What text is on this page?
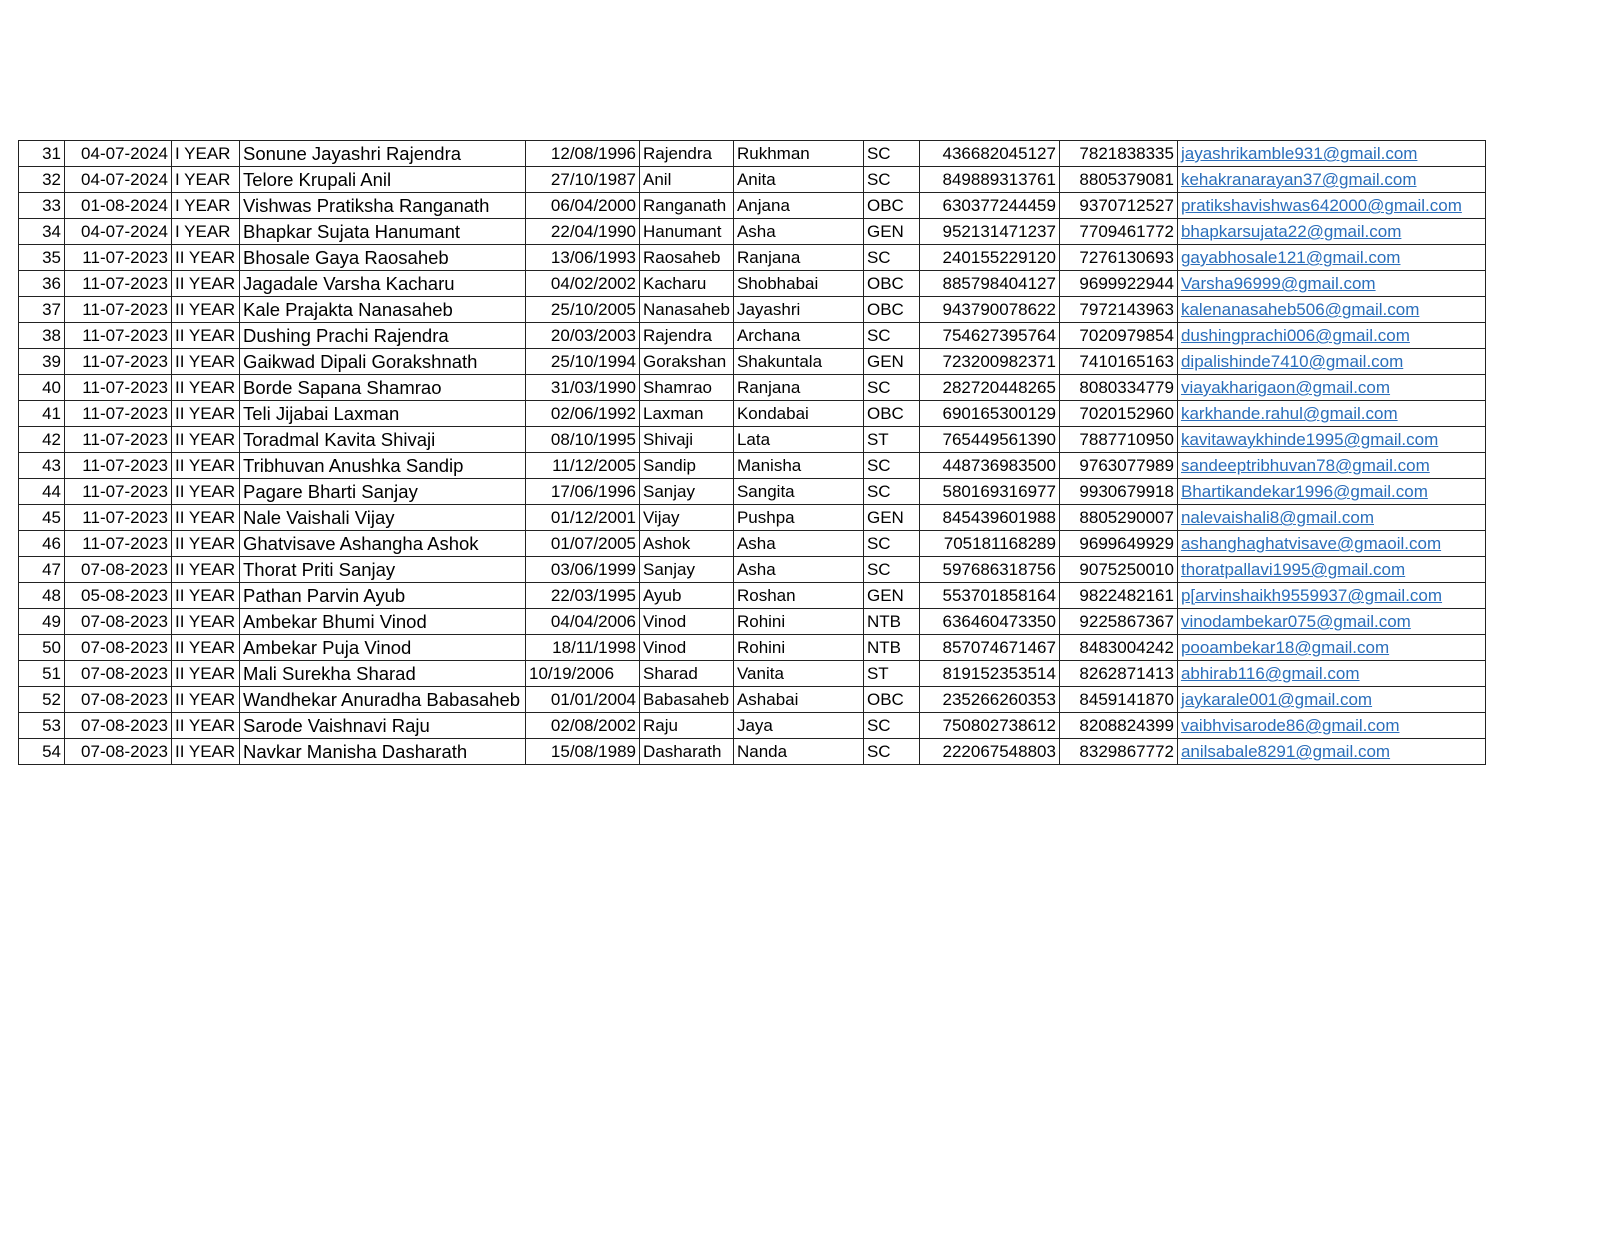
31	04-07-2024	I YEAR	Sonune Jayashri Rajendra	12/08/1996	Rajendra	Rukhman	SC	436682045127	7821838335	jayashrikamble931@gmail.com
32	04-07-2024	I YEAR	Telore Krupali Anil	27/10/1987	Anil	Anita	SC	849889313761	8805379081	kehakranarayan37@gmail.com
33	01-08-2024	I YEAR	Vishwas Pratiksha Ranganath	06/04/2000	Ranganath	Anjana	OBC	630377244459	9370712527	pratikshavishwas642000@gmail.com
34	04-07-2024	I YEAR	Bhapkar Sujata Hanumant	22/04/1990	Hanumant	Asha	GEN	952131471237	7709461772	bhapkarsujata22@gmail.com
35	11-07-2023	II YEAR	Bhosale Gaya Raosaheb	13/06/1993	Raosaheb	Ranjana	SC	240155229120	7276130693	gayabhosale121@gmail.com
36	11-07-2023	II YEAR	Jagadale Varsha Kacharu	04/02/2002	Kacharu	Shobhabai	OBC	885798404127	9699922944	Varsha96999@gmail.com
37	11-07-2023	II YEAR	Kale Prajakta Nanasaheb	25/10/2005	Nanasaheb	Jayashri	OBC	943790078622	7972143963	kalenanasaheb506@gmail.com
38	11-07-2023	II YEAR	Dushing Prachi Rajendra	20/03/2003	Rajendra	Archana	SC	754627395764	7020979854	dushingprachi006@gmail.com
39	11-07-2023	II YEAR	Gaikwad Dipali Gorakshnath	25/10/1994	Gorakshan	Shakuntala	GEN	723200982371	7410165163	dipalishinde7410@gmail.com
40	11-07-2023	II YEAR	Borde Sapana Shamrao	31/03/1990	Shamrao	Ranjana	SC	282720448265	8080334779	viayakharigaon@gmail.com
41	11-07-2023	II YEAR	Teli Jijabai Laxman	02/06/1992	Laxman	Kondabai	OBC	690165300129	7020152960	karkhande.rahul@gmail.com
42	11-07-2023	II YEAR	Toradmal Kavita Shivaji	08/10/1995	Shivaji	Lata	ST	765449561390	7887710950	kavitawaykhinde1995@gmail.com
43	11-07-2023	II YEAR	Tribhuvan Anushka Sandip	11/12/2005	Sandip	Manisha	SC	448736983500	9763077989	sandeeptribhuvan78@gmail.com
44	11-07-2023	II YEAR	Pagare Bharti Sanjay	17/06/1996	Sanjay	Sangita	SC	580169316977	9930679918	Bhartikandekar1996@gmail.com
45	11-07-2023	II YEAR	Nale Vaishali Vijay	01/12/2001	Vijay	Pushpa	GEN	845439601988	8805290007	nalevaishali8@gmail.com
46	11-07-2023	II YEAR	Ghatvisave Ashangha Ashok	01/07/2005	Ashok	Asha	SC	705181168289	9699649929	ashanghaghatvisave@gmaoil.com
47	07-08-2023	II YEAR	Thorat Priti Sanjay	03/06/1999	Sanjay	Asha	SC	597686318756	9075250010	thoratpallavi1995@gmail.com
48	05-08-2023	II YEAR	Pathan Parvin Ayub	22/03/1995	Ayub	Roshan	GEN	553701858164	9822482161	p[arvinshaikh9559937@gmail.com
49	07-08-2023	II YEAR	Ambekar Bhumi Vinod	04/04/2006	Vinod	Rohini	NTB	636460473350	9225867367	vinodambekar075@gmail.com
50	07-08-2023	II YEAR	Ambekar Puja Vinod	18/11/1998	Vinod	Rohini	NTB	857074671467	8483004242	pooambekar18@gmail.com
51	07-08-2023	II YEAR	Mali Surekha Sharad	10/19/2006	Sharad	Vanita	ST	819152353514	8262871413	abhirab116@gmail.com
52	07-08-2023	II YEAR	Wandhekar Anuradha Babasaheb	01/01/2004	Babasaheb	Ashabai	OBC	235266260353	8459141870	jaykarale001@gmail.com
53	07-08-2023	II YEAR	Sarode Vaishnavi Raju	02/08/2002	Raju	Jaya	SC	750802738612	8208824399	vaibhvisarode86@gmail.com
54	07-08-2023	II YEAR	Navkar Manisha Dasharath	15/08/1989	Dasharath	Nanda	SC	222067548803	8329867772	anilsabale8291@gmail.com
